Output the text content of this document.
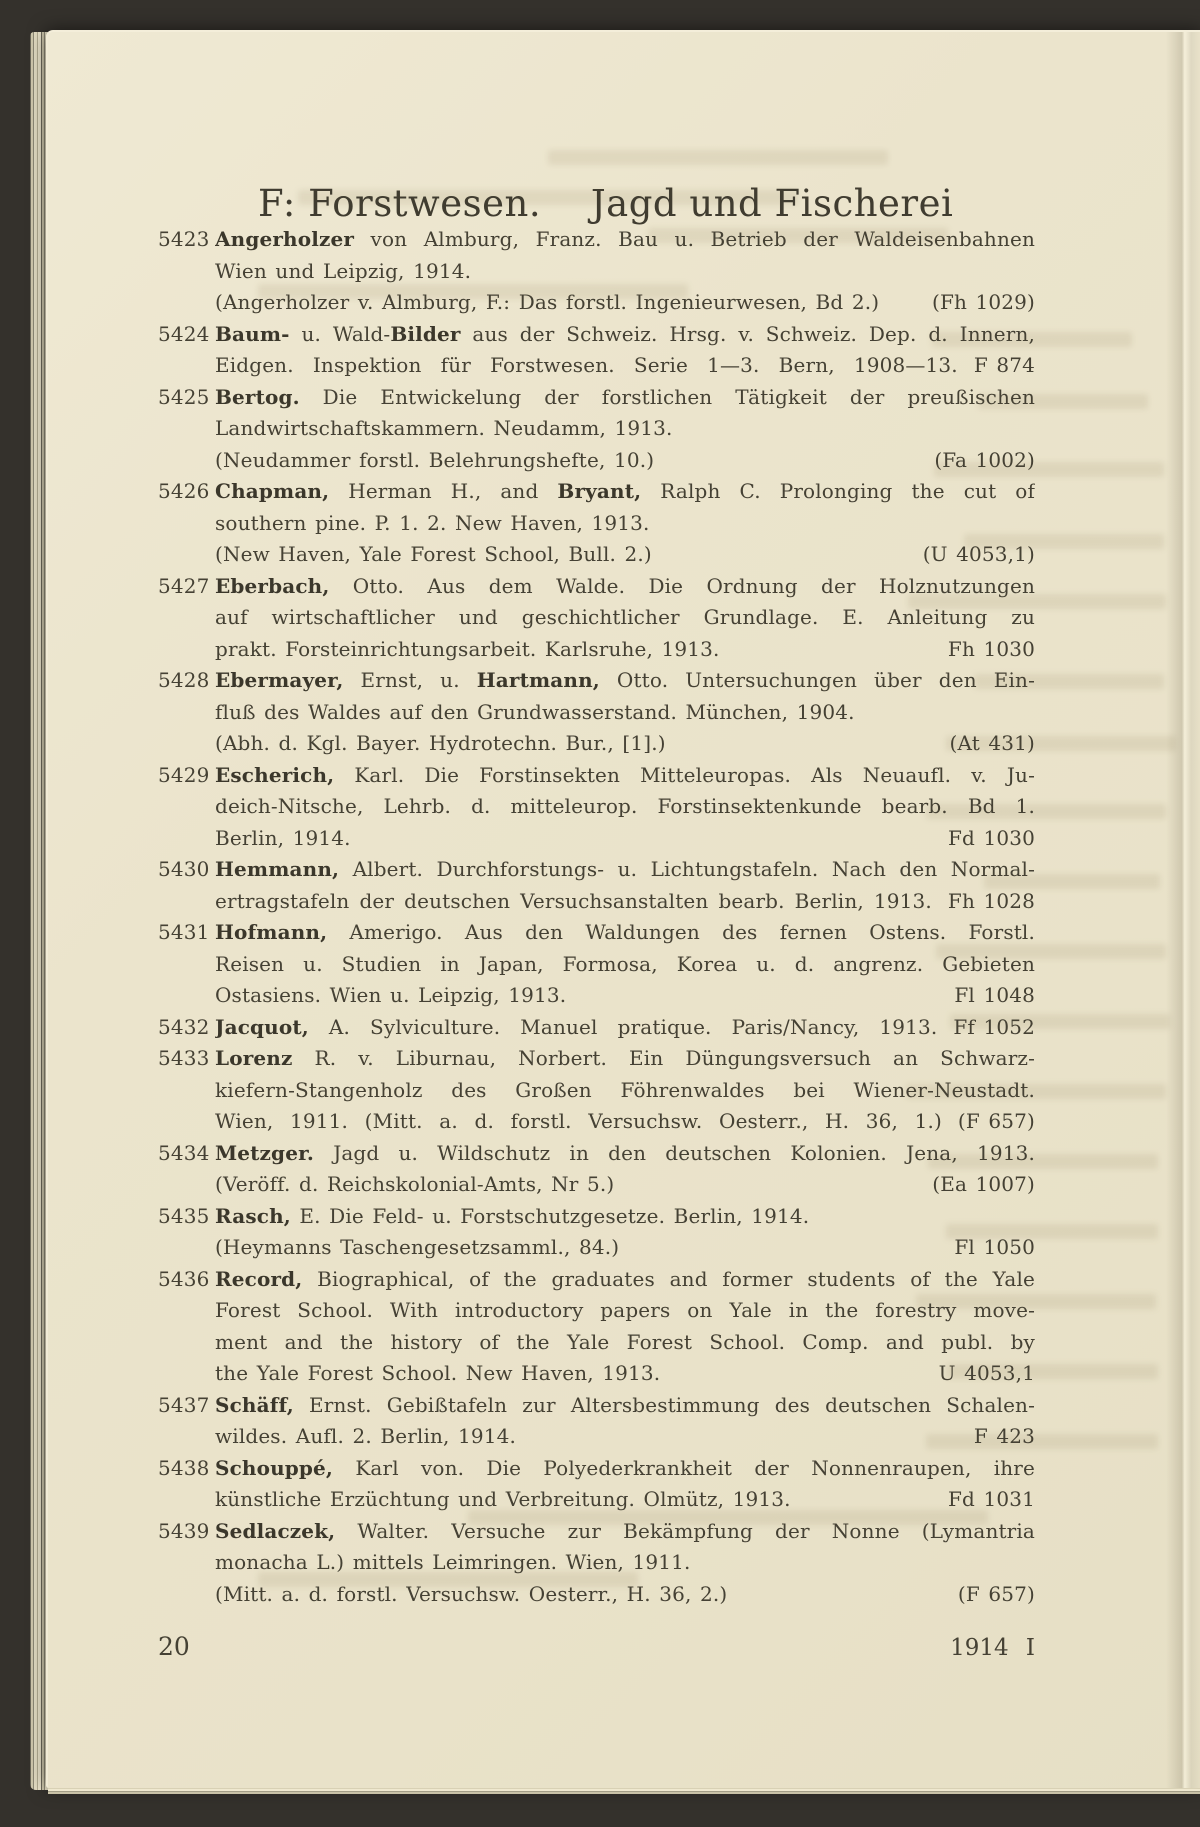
F: Forstwesen.  Jagd und Fischerei
5423 Angerholzer von Almburg, Franz. Bau u. Betrieb der Waldeisenbahnen
Wien und Leipzig, 1914.
(Fh 1029)
(Angerholzer v. Almburg, F.: Das forstl. Ingenieurwesen, Bd 2.)
5424 Baum- u. Wald-Bilder aus der Schweiz. Hrsg. v. Schweiz. Dep. d. Innern,
F 874
Eidgen. Inspektion für Forstwesen. Serie 1—3. Bern, 1908—13.
5425 Bertog. Die Entwickelung der forstlichen Tätigkeit der preußischen
Landwirtschaftskammern. Neudamm, 1913.
(Fa 1002)
(Neudammer forstl. Belehrungshefte, 10.)
5426 Chapman, Herman H., and Bryant, Ralph C. Prolonging the cut of
southern pine. P. 1. 2. New Haven, 1913.
(U 4053,1)
(New Haven, Yale Forest School, Bull. 2.)
5427 Eberbach, Otto. Aus dem Walde. Die Ordnung der Holznutzungen
auf wirtschaftlicher und geschichtlicher Grundlage. E. Anleitung zu
Fh 1030
prakt. Forsteinrichtungsarbeit. Karlsruhe, 1913.
5428 Ebermayer, Ernst, u. Hartmann, Otto. Untersuchungen über den Ein-
fluß des Waldes auf den Grundwasserstand. München, 1904.
(At 431)
(Abh. d. Kgl. Bayer. Hydrotechn. Bur., [1].)
5429 Escherich, Karl. Die Forstinsekten Mitteleuropas. Als Neuaufl. v. Ju-
deich-Nitsche, Lehrb. d. mitteleurop. Forstinsektenkunde bearb. Bd 1.
Fd 1030
Berlin, 1914.
5430 Hemmann, Albert. Durchforstungs- u. Lichtungstafeln. Nach den Normal-
Fh 1028
ertragstafeln der deutschen Versuchsanstalten bearb. Berlin, 1913.
5431 Hofmann, Amerigo. Aus den Waldungen des fernen Ostens. Forstl.
Reisen u. Studien in Japan, Formosa, Korea u. d. angrenz. Gebieten
Fl 1048
Ostasiens. Wien u. Leipzig, 1913.
5432	Ff 1052
Jacquot, A. Sylviculture. Manuel pratique. Paris/Nancy, 1913.
5433 Lorenz R. v. Liburnau, Norbert. Ein Düngungsversuch an Schwarz-
kiefern-Stangenholz des Großen Föhrenwaldes bei Wiener-Neustadt.
(F 657)
Wien, 1911. (Mitt. a. d. forstl. Versuchsw. Oesterr., H. 36, 1.)
5434 Metzger. Jagd u. Wildschutz in den deutschen Kolonien. Jena, 1913.
(Ea 1007)
(Veröff. d. Reichskolonial-Amts, Nr 5.)
5435 Rasch, E. Die Feld- u. Forstschutzgesetze. Berlin, 1914.
Fl 1050
(Heymanns Taschengesetzsamml., 84.)
5436 Record, Biographical, of the graduates and former students of the Yale
Forest School. With introductory papers on Yale in the forestry move-
ment and the history of the Yale Forest School. Comp. and publ. by
U 4053,1
the Yale Forest School. New Haven, 1913.
5437 Schäff, Ernst. Gebißtafeln zur Altersbestimmung des deutschen Schalen-
F 423
wildes. Aufl. 2. Berlin, 1914.
5438 Schouppé, Karl von. Die Polyederkrankheit der Nonnenraupen, ihre
Fd 1031
künstliche Erzüchtung und Verbreitung. Olmütz, 1913.
5439 Sedlaczek, Walter. Versuche zur Bekämpfung der Nonne (Lymantria
monacha L.) mittels Leimringen. Wien, 1911.
(F 657)
(Mitt. a. d. forstl. Versuchsw. Oesterr., H. 36, 2.)
20	1914 I
